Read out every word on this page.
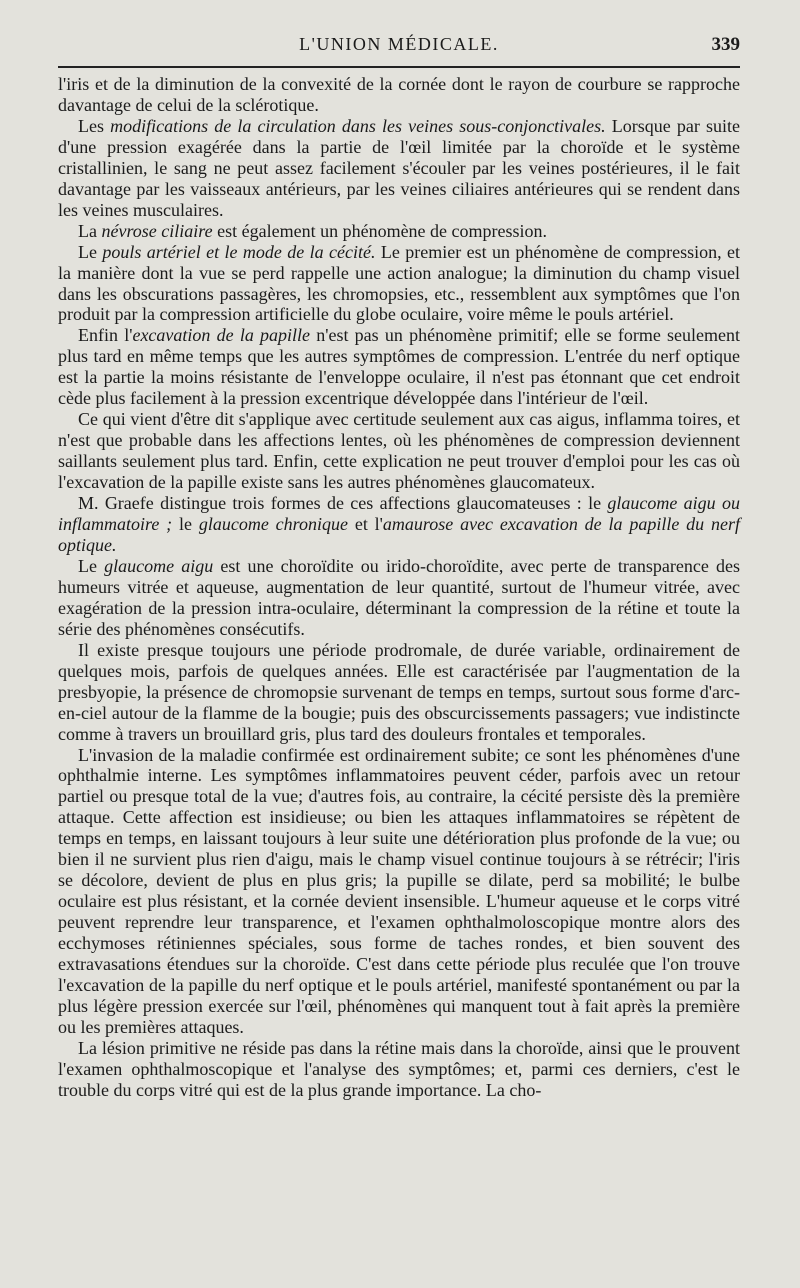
L'UNION MÉDICALE.	339

l'iris et de la diminution de la convexité de la cornée dont le rayon de courbure se rapproche davantage de celui de la sclérotique.

Les modifications de la circulation dans les veines sous-conjonctivales. Lorsque par suite d'une pression exagérée dans la partie de l'œil limitée par la choroïde et le système cristallinien, le sang ne peut assez facilement s'écouler par les veines postérieures, il le fait davantage par les vaisseaux antérieurs, par les veines ciliaires antérieures qui se rendent dans les veines musculaires.

La névrose ciliaire est également un phénomène de compression.

Le pouls artériel et le mode de la cécité. Le premier est un phénomène de compression, et la manière dont la vue se perd rappelle une action analogue; la diminution du champ visuel dans les obscurations passagères, les chromopsies, etc., ressemblent aux symptômes que l'on produit par la compression artificielle du globe oculaire, voire même le pouls artériel.

Enfin l'excavation de la papille n'est pas un phénomène primitif; elle se forme seulement plus tard en même temps que les autres symptômes de compression. L'entrée du nerf optique est la partie la moins résistante de l'enveloppe oculaire, il n'est pas étonnant que cet endroit cède plus facilement à la pression excentrique développée dans l'intérieur de l'œil.

Ce qui vient d'être dit s'applique avec certitude seulement aux cas aigus, inflamma toires, et n'est que probable dans les affections lentes, où les phénomènes de compression deviennent saillants seulement plus tard. Enfin, cette explication ne peut trouver d'emploi pour les cas où l'excavation de la papille existe sans les autres phénomènes glaucomateux.

M. Graefe distingue trois formes de ces affections glaucomateuses : le glaucome aigu ou inflammatoire ; le glaucome chronique et l'amaurose avec excavation de la papille du nerf optique.

Le glaucome aigu est une choroïdite ou irido-choroïdite, avec perte de transparence des humeurs vitrée et aqueuse, augmentation de leur quantité, surtout de l'humeur vitrée, avec exagération de la pression intra-oculaire, déterminant la compression de la rétine et toute la série des phénomènes consécutifs.

Il existe presque toujours une période prodromale, de durée variable, ordinairement de quelques mois, parfois de quelques années. Elle est caractérisée par l'augmentation de la presbyopie, la présence de chromopsie survenant de temps en temps, surtout sous forme d'arc-en-ciel autour de la flamme de la bougie; puis des obscurcissements passagers; vue indistincte comme à travers un brouillard gris, plus tard des douleurs frontales et temporales.

L'invasion de la maladie confirmée est ordinairement subite; ce sont les phénomènes d'une ophthalmie interne. Les symptômes inflammatoires peuvent céder, parfois avec un retour partiel ou presque total de la vue; d'autres fois, au contraire, la cécité persiste dès la première attaque. Cette affection est insidieuse; ou bien les attaques inflammatoires se répètent de temps en temps, en laissant toujours à leur suite une détérioration plus profonde de la vue; ou bien il ne survient plus rien d'aigu, mais le champ visuel continue toujours à se rétrécir; l'iris se décolore, devient de plus en plus gris; la pupille se dilate, perd sa mobilité; le bulbe oculaire est plus résistant, et la cornée devient insensible. L'humeur aqueuse et le corps vitré peuvent reprendre leur transparence, et l'examen ophthalmoloscopique montre alors des ecchymoses rétiniennes spéciales, sous forme de taches rondes, et bien souvent des extravasations étendues sur la choroïde. C'est dans cette période plus reculée que l'on trouve l'excavation de la papille du nerf optique et le pouls artériel, manifesté spontanément ou par la plus légère pression exercée sur l'œil, phénomènes qui manquent tout à fait après la première ou les premières attaques.

La lésion primitive ne réside pas dans la rétine mais dans la choroïde, ainsi que le prouvent l'examen ophthalmoscopique et l'analyse des symptômes; et, parmi ces derniers, c'est le trouble du corps vitré qui est de la plus grande importance. La cho-
